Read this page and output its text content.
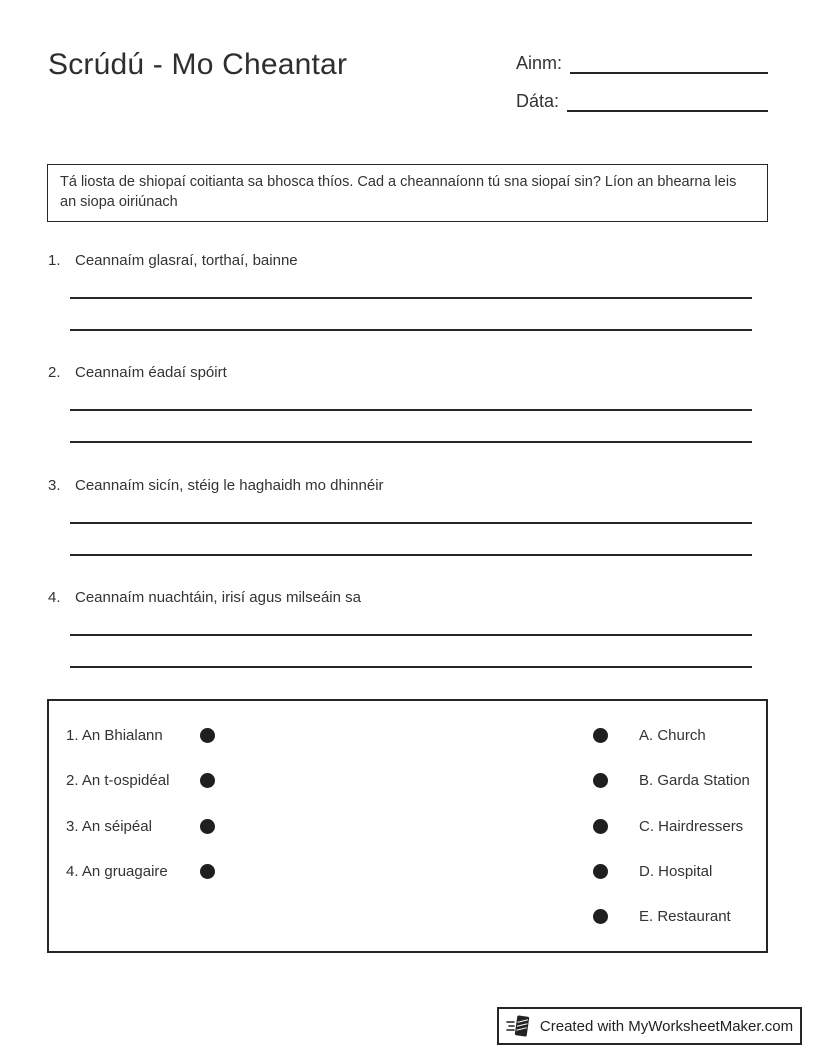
Scrúdú - Mo Cheantar	Ainm:
Dáta:
Tá liosta de shiopaí coitianta sa bhosca thíos. Cad a cheannaíonn tú sna siopaí sin? Líon an bhearna leis an siopa oiriúnach
1. Ceannaím glasraí, torthaí, bainne
2. Ceannaím éadaí spóirt
3. Ceannaím sicín, stéig le haghaidh mo dhinnéir
4. Ceannaím nuachtáin, irisí agus milseáin sa
1. An Bhialann
2. An t-ospidéal
3. An séipéal
4. An gruagaire
A. Church
B. Garda Station
C. Hairdressers
D. Hospital
E. Restaurant
Created with MyWorksheetMaker.com
